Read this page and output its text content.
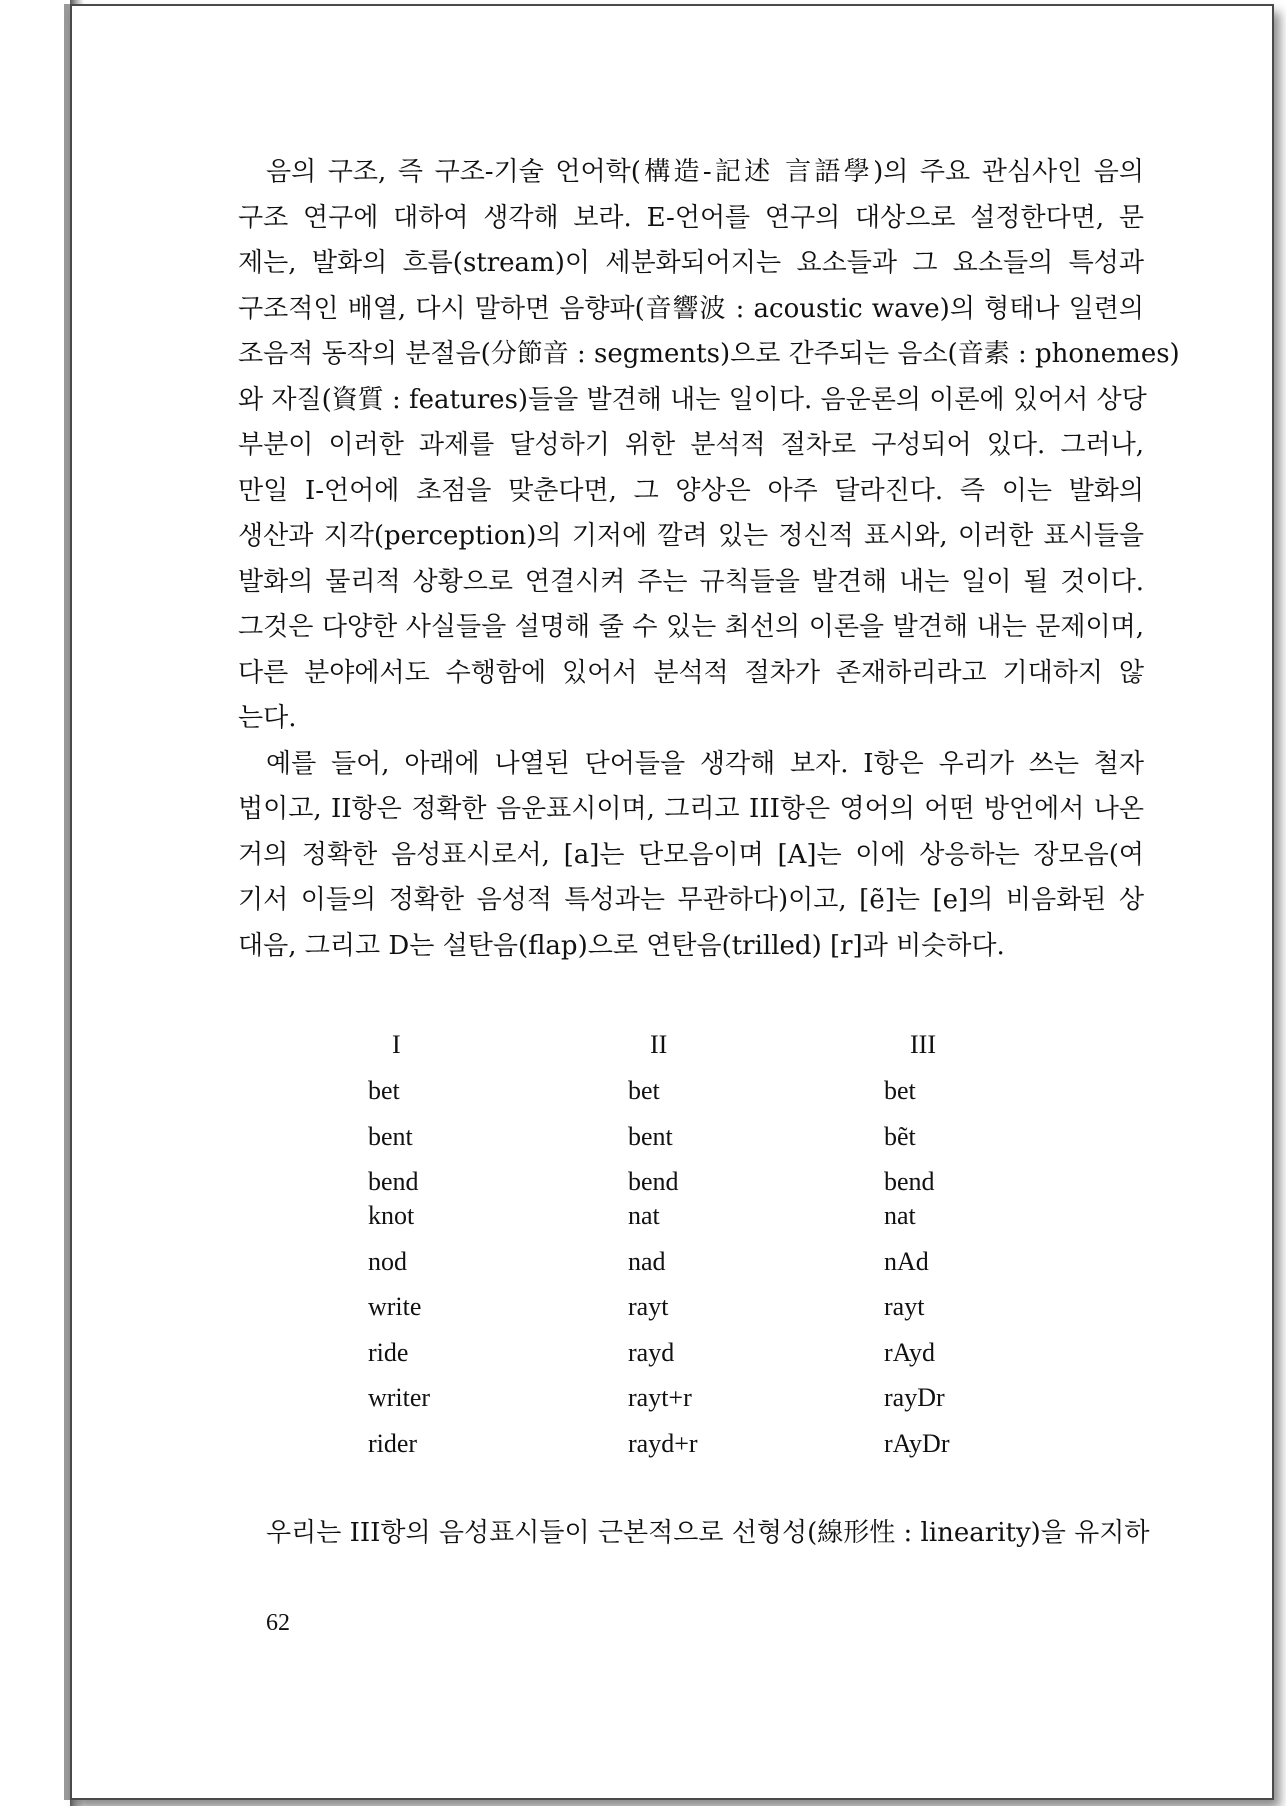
음의 구조, 즉 구조-기술 언어학(構造-記述 言語學)의 주요 관심사인 음의
구조 연구에 대하여 생각해 보라. E-언어를 연구의 대상으로 설정한다면, 문
제는, 발화의 흐름(stream)이 세분화되어지는 요소들과 그 요소들의 특성과
구조적인 배열, 다시 말하면 음향파(音響波 : acoustic wave)의 형태나 일련의
조음적 동작의 분절음(分節音 : segments)으로 간주되는 음소(音素 : phonemes)
와 자질(資質 : features)들을 발견해 내는 일이다. 음운론의 이론에 있어서 상당
부분이 이러한 과제를 달성하기 위한 분석적 절차로 구성되어 있다. 그러나,
만일 I-언어에 초점을 맞춘다면, 그 양상은 아주 달라진다. 즉 이는 발화의
생산과 지각(perception)의 기저에 깔려 있는 정신적 표시와, 이러한 표시들을
발화의 물리적 상황으로 연결시켜 주는 규칙들을 발견해 내는 일이 될 것이다.
그것은 다양한 사실들을 설명해 줄 수 있는 최선의 이론을 발견해 내는 문제이며,
다른 분야에서도 수행함에 있어서 분석적 절차가 존재하리라고 기대하지 않
는다.

예를 들어, 아래에 나열된 단어들을 생각해 보자. I항은 우리가 쓰는 철자
법이고, II항은 정확한 음운표시이며, 그리고 III항은 영어의 어떤 방언에서 나온
거의 정확한 음성표시로서, [a]는 단모음이며 [A]는 이에 상응하는 장모음(여
기서 이들의 정확한 음성적 특성과는 무관하다)이고, [ẽ]는 [e]의 비음화된 상
대음, 그리고 D는 설탄음(flap)으로 연탄음(trilled) [r]과 비슷하다.

I	II	III
bet	bet	bet
bent	bent	bẽt
bend	bend	bend
knot	nat	nat
nod	nad	nAd
write	rayt	rayt
ride	rayd	rAyd
writer	rayt+r	rayDr
rider	rayd+r	rAyDr
우리는 III항의 음성표시들이 근본적으로 선형성(線形性 : linearity)을 유지하
62
